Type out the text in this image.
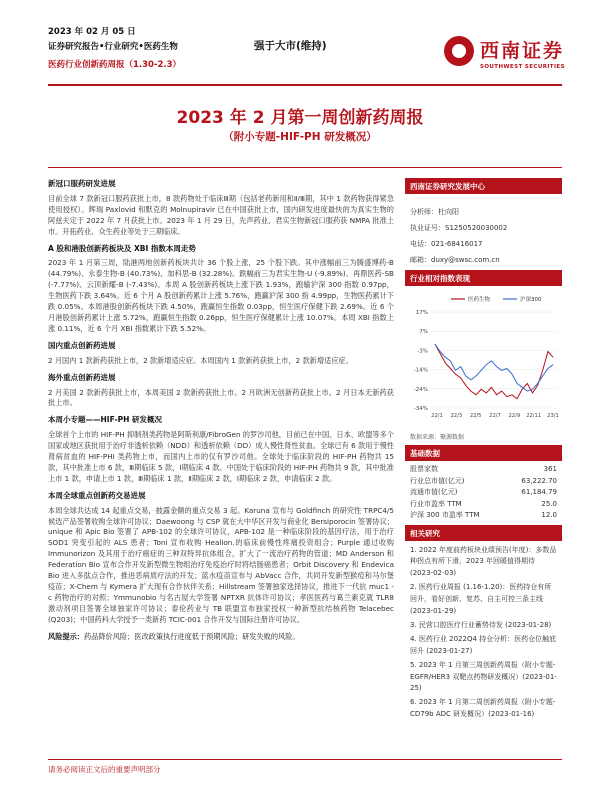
2023 年 02 月 05 日
证券研究报告•行业研究•医药生物
医药行业创新药周报（1.30-2.3）
强于大市(维持)	西南证券
SOUTHWEST SECURITIES
2023 年 2 月第一周创新药周报
（附小专题-HIF-PH 研发概况）
新冠口服药研发进展

目前全球 7 款新冠口服药获批上市，8 款药物处于临床Ⅲ期（包括老药新用和Ⅱ/Ⅲ期，其中 1 款药物获得紧急使用授权）。辉瑞 Paxlovid 和默克的 Molnupiravir 已在中国获批上市，国内研发进度最快的为真实生物的阿兹夫定于 2022 年 7 月获批上市。2023 年 1 月 29 日，先声药业、君实生物新冠口服药获 NMPA 批准上市。开拓药业、众生药业等处于三期临床。

A 股和港股创新药板块及 XBI 指数本周走势

2023 年 1 月第三周，陆港两地创新药板块共计 36 个股上涨，25 个股下跌。其中涨幅前三为腾盛博药-B (44.79%)、永泰生物-B (40.73%)、加科思-B (32.28%)。跌幅前三为君实生物-U (-9.89%)、再鼎医药-SB (-7.77%)、云顶新耀-B (-7.43%)。本周 A 股创新药板块上涨下跌 1.93%，跑输沪深 300 指数 0.97pp，生物医药下跌 3.64%。近 6 个月 A 股创新药累计上涨 5.76%，跑赢沪深 300 指 4.99pp，生物医药累计下跌 0.05%。本周港股创新药板块下跌 4.50%，跑赢恒生指数 0.03pp，恒生医疗保健下跌 2.69%。近 6 个月港股创新药累计上涨 5.72%，跑赢恒生指数 0.26pp，恒生医疗保健累计上涨 10.07%。本周 XBI 指数上涨 0.11%，近 6 个月 XBI 指数累计下跌 5.52%。

国内重点创新药进展

2 月国内 1 款新药获批上市，2 款新增适应症。本周国内 1 款新药获批上市，2 款新增适应症。

海外重点创新药进展

2 月美国 2 款新药获批上市，本周美国 2 款新药获批上市。2 月欧洲无创新药获批上市。2 月日本无新药获批上市。

本周小专题——HIF-PH 研发概况

全球首个上市的 HIF-PH 抑制剂类药物是阿斯利康/FibroGen 的罗沙司他，目前已在中国、日本、欧盟等多个国家或地区获批用于治疗非透析依赖（NDD）和透析依赖（DD）成人慢性肾性贫血。全球已有 6 款用于慢性肾病贫血的 HIF-PHI 类药物上市，而国内上市的仅有罗沙司他。全球处于临床阶段的 HIF-PH 药物共 15 款，其中批准上市 6 款，Ⅲ期临床 5 款，Ⅰ期临床 4 款。中国处于临床阶段的 HIF-PH 药物共 9 款，其中批准上市 1 款，申请上市 1 款，Ⅲ期临床 1 款，Ⅱ期临床 2 款，Ⅰ期临床 2 款，申请临床 2 款。

本周全球重点创新药交易进展

本周全球共达成 14 起重点交易，披露金额的重点交易 3 起。Karuna 宣布与 Goldfinch 的研究性 TRPC4/5 候选产品签署收购全球许可协议；Daewoong 与 CSP 就在大中华区开发与商业化 Bersiporocin 签署协议；unique 和 Apic Bio 签署了 APB-102 的全球许可协议，APB-102 是一种临床阶段的基因疗法，用于治疗 SOD1 突变引起的 ALS 患者；Toni 宣布收购 Healion.的临床前慢性疼痛投资组合；Purple 通过收购 Immunorizon 及其用于治疗癌症的三种双特异抗体组合，扩大了一流治疗药物的管道；MD Anderson 和 Federation Bio 宣布合作开发新型微生物组治疗免疫治疗时将结肠癌患者；Orbit Discovery 和 Endevica Bio 进入多肽点合作，推进恶病质疗法的开发；蓝水疫苗宣布与 AbVacc 合作，共同开发新型猴痘和马尔堡疫苗；X-Chem 与 Kymera 扩大现有合作伙伴关系；Hillstream 签署独家选择协议，推进下一代抗 muc1 - c 药物治疗的对照；Ymmunobio 与名古屋大学签署 NPTXR 抗体许可协议；孝医医药与葛兰素克就 TLR8 激动剂项目签署全球独家许可协议；泰伦药业与 TB 联盟宣布独家授权一种新型抗结核药物 Telacebec (Q203)；中国药科大学授予一类新药 TCIC-001 合作开发与国际注册许可协议。

风险提示：药品降价风险；医改政策执行进度低于预期风险；研发失败的风险。
西南证券研究发展中心
分析师：杜向阳
执业证号：S1250520030002
电话：021-68416017
邮箱：duxy@swsc.com.cn
行业相对指数表现
17%
7%
-3%
-14%
-24%
-34%
22/1 22/3 22/5 22/7 22/9 22/11 23/1
医药生物	沪深300
数据来源：聚源数据
基础数据
股票家数	361
行业总市值(亿元)	63,222.70
流通市值(亿元)	61,184.79
行业市盈率 TTM	25.0
沪深 300 市盈率 TTM	12.0
相关研究
1. 2022 年度前药板块业绩预告(年度)：多数品种拐点有所下滑，2023 年回暖值得期待 (2023-02-03)
2. 医药行业周报 (1.16-1.20)：医药持仓有所回升，看好创新、复苏、自主可控三条主线 (2023-01-29)
3. 民营口腔医疗行业蓄势待发 (2023-01-28)
4. 医药行业 2022Q4 持仓分析：医药仓位触底回升 (2023-01-27)
5. 2023 年 1 月第三周创新药周报（附小专题- EGFR/HER3 双靶点药物研发概况）(2023-01-25)
6. 2023 年 1 月第二周创新药周报（附小专题-CD79b ADC 研发概况）(2023-01-16)
请务必阅读正文后的重要声明部分
